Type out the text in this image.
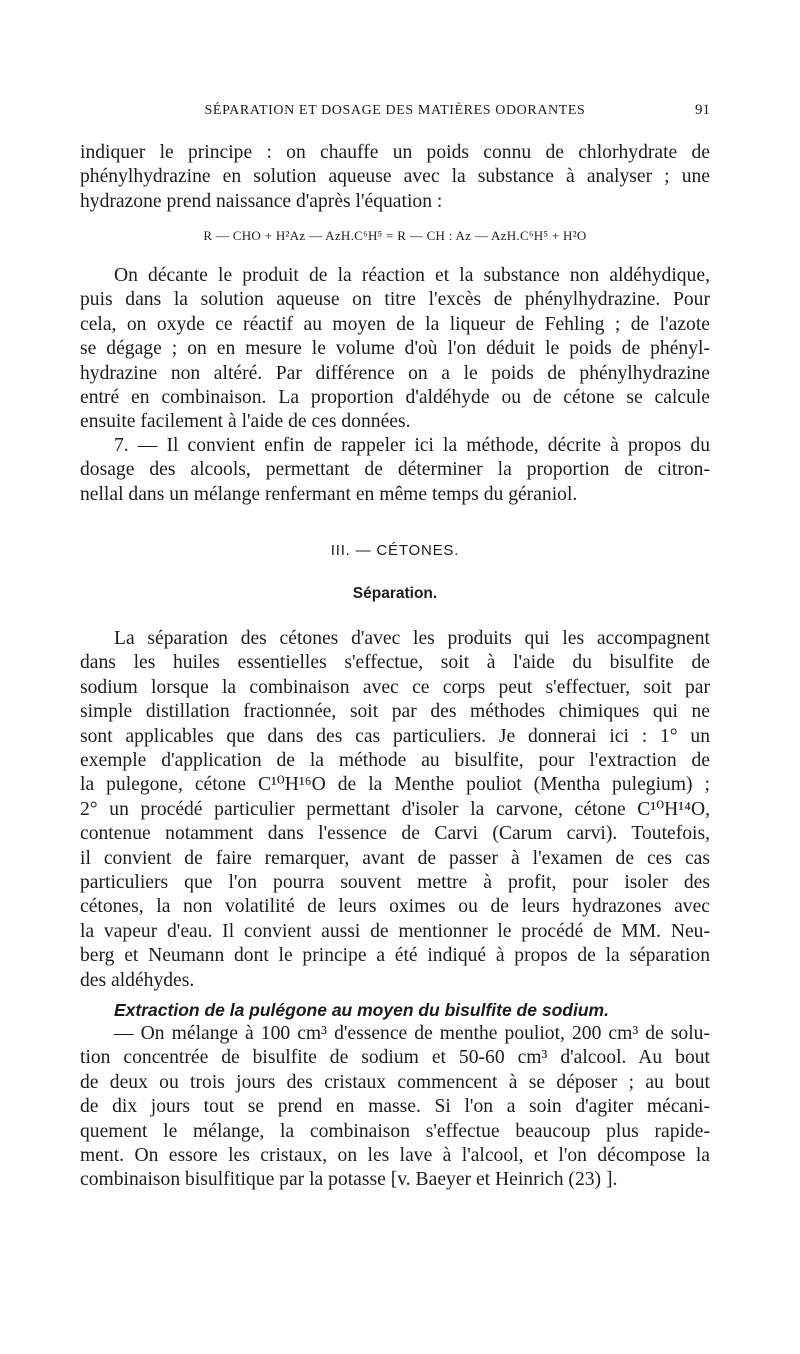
SÉPARATION ET DOSAGE DES MATIÈRES ODORANTES	91
indiquer le principe : on chauffe un poids connu de chlorhydrate de
phénylhydrazine en solution aqueuse avec la substance à analyser ; une
hydrazone prend naissance d'après l'équation :
R — CHO + H²Az — AzH.C⁶H⁵ = R — CH : Az — AzH.C⁶H⁵ + H²O
On décante le produit de la réaction et la substance non aldéhydique,
puis dans la solution aqueuse on titre l'excès de phénylhydrazine. Pour
cela, on oxyde ce réactif au moyen de la liqueur de Fehling ; de l'azote
se dégage ; on en mesure le volume d'où l'on déduit le poids de phényl-
hydrazine non altéré. Par différence on a le poids de phénylhydrazine
entré en combinaison. La proportion d'aldéhyde ou de cétone se calcule
ensuite facilement à l'aide de ces données.
7. — Il convient enfin de rappeler ici la méthode, décrite à propos du
dosage des alcools, permettant de déterminer la proportion de citron-
nellal dans un mélange renfermant en même temps du géraniol.
III. — CÉTONES.
Séparation.
La séparation des cétones d'avec les produits qui les accompagnent
dans les huiles essentielles s'effectue, soit à l'aide du bisulfite de
sodium lorsque la combinaison avec ce corps peut s'effectuer, soit par
simple distillation fractionnée, soit par des méthodes chimiques qui ne
sont applicables que dans des cas particuliers. Je donnerai ici : 1° un
exemple d'application de la méthode au bisulfite, pour l'extraction de
la pulegone, cétone C¹⁰H¹⁶O de la Menthe pouliot (Mentha pulegium) ;
2° un procédé particulier permettant d'isoler la carvone, cétone C¹⁰H¹⁴O,
contenue notamment dans l'essence de Carvi (Carum carvi). Toutefois,
il convient de faire remarquer, avant de passer à l'examen de ces cas
particuliers que l'on pourra souvent mettre à profit, pour isoler des
cétones, la non volatilité de leurs oximes ou de leurs hydrazones avec
la vapeur d'eau. Il convient aussi de mentionner le procédé de MM. Neu-
berg et Neumann dont le principe a été indiqué à propos de la séparation
des aldéhydes.
Extraction de la pulégone au moyen du bisulfite de sodium.
— On mélange à 100 cm³ d'essence de menthe pouliot, 200 cm³ de solu-
tion concentrée de bisulfite de sodium et 50-60 cm³ d'alcool. Au bout
de deux ou trois jours des cristaux commencent à se déposer ; au bout
de dix jours tout se prend en masse. Si l'on a soin d'agiter mécani-
quement le mélange, la combinaison s'effectue beaucoup plus rapide-
ment. On essore les cristaux, on les lave à l'alcool, et l'on décompose la
combinaison bisulfitique par la potasse [v. Baeyer et Heinrich (23) ].
